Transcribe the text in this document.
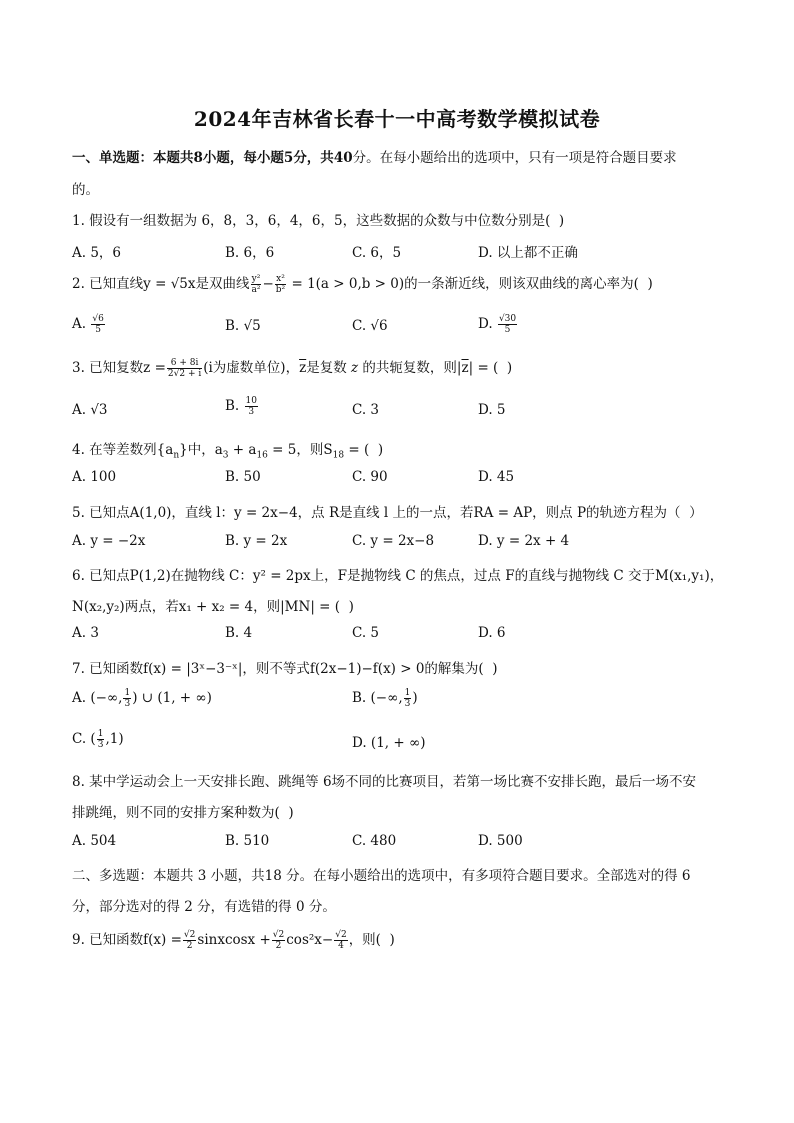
2024年吉林省长春十一中高考数学模拟试卷
一、单选题：本题共8小题，每小题5分，共40分。在每小题给出的选项中，只有一项是符合题目要求
的。
1. 假设有一组数据为 6，8，3，6，4，6，5，这些数据的众数与中位数分别是(  )
A. 5，6	B. 6，6	C. 6，5	D. 以上都不正确
2. 已知直线y = √5x是双曲线 $\frac{\text{y²}}{\text{a²}} - \frac{\text{x²}}{\text{b²}} = 1(a > 0,b > 0)$的一条渐近线，则该双曲线的离心率为(  )
A. $\frac{√6}{5}$	B. √5	C. √6	D. $\frac{√30}{5}$
3. 已知复数$z = \frac{6 + 8i}{2√2 + i} (i$为虚数单位)，$\overline{z}$是复数 z 的共轭复数，则$|\overline{z}|$ = (  )
A. √3	B. $\frac{10}{3}$	C. 3	D. 5
4. 在等差数列$\{a_n\}$中，$a_3 + a_{16} = 5$，则$S_{18}$ = (  )
A. 100	B. 50	C. 90	D. 45
5. 已知点A(1,0)，直线 l：y = 2x−4，点 R是直线 l 上的一点，若RA = AP，则点 P的轨迹方程为（  ）
A. y = −2x	B. y = 2x	C. y = 2x−8	D. y = 2x + 4
6. 已知点P(1,2)在抛物线 C：y² = 2px上，F是抛物线 C 的焦点，过点 F的直线与抛物线 C 交于M(x₁,y₁)，
N(x₂,y₂)两点，若x₁ + x₂ = 4，则|MN| = (  )
A. 3	B. 4	C. 5	D. 6
7. 已知函数f(x) = |3ˣ−3⁻ˣ|，则不等式f(2x−1)−f(x) > 0的解集为(  )
A. (−∞, $\frac{1}{3}$ ) ∪ (1, + ∞)	B. (−∞, $\frac{1}{3}$ )
C. ( $\frac{1}{3} ,1$)	D. (1, + ∞)
8. 某中学运动会上一天安排长跑、跳绳等 6场不同的比赛项目，若第一场比赛不安排长跑，最后一场不安
排跳绳，则不同的安排方案种数为(  )
A. 504	B. 510	C. 480	D. 500
二、多选题：本题共 3 小题，共18 分。在每小题给出的选项中，有多项符合题目要求。全部选对的得 6
分，部分选对的得 2 分，有选错的得 0 分。
9. 已知函数$f(x) = \frac{√2}{2}$ sinxcosx + $\frac{√2}{2} \cos^2x- \frac{√2}{4}$ ，则(  )
